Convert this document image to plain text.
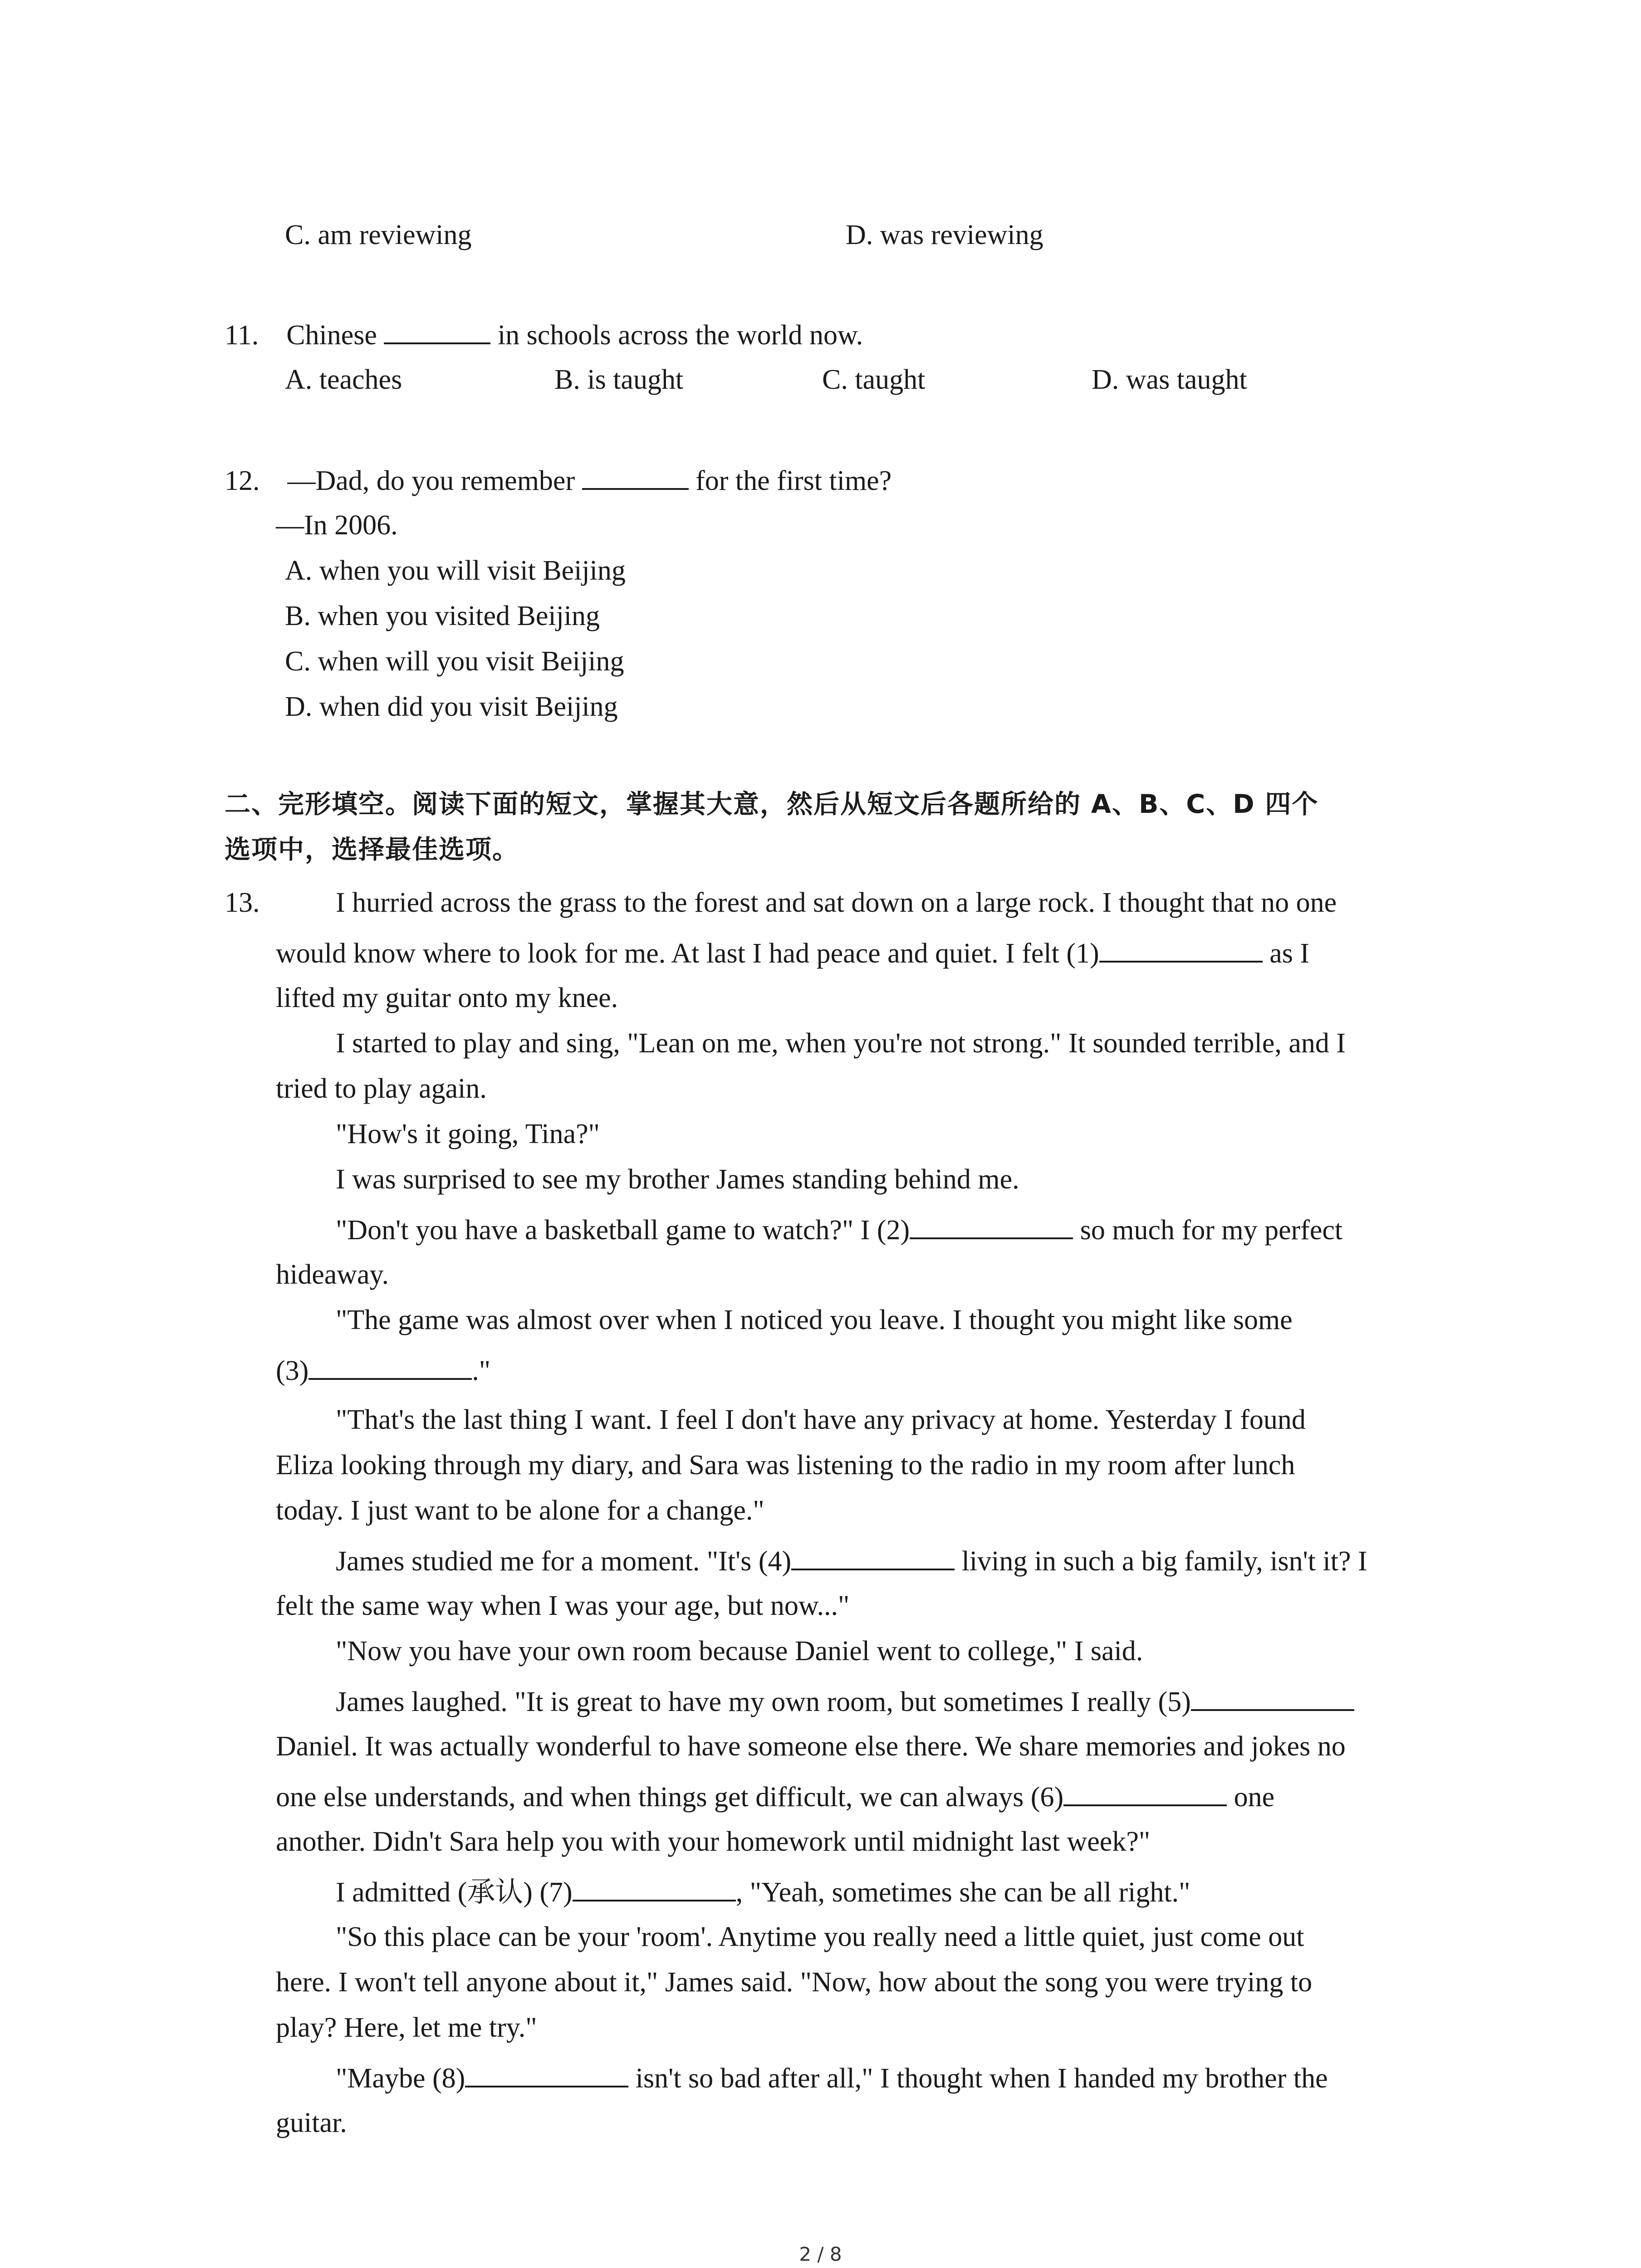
C. am reviewing	D. was reviewing
11. Chinese	in schools across the world now.
A. teaches	B. is taught	C. taught	D. was taught
12. —Dad, do you remember	for the first time?
—In 2006.
A. when you will visit Beijing
B. when you visited Beijing
C. when will you visit Beijing
D. when did you visit Beijing
二、完形填空。阅读下面的短文，掌握其大意，然后从短文后各题所给的 A、B、C、D 四个
选项中，选择最佳选项。
13.	I hurried across the grass to the forest and sat down on a large rock. I thought that no one
would know where to look for me. At last I had peace and quiet. I felt (1)	as I
lifted my guitar onto my knee.
I started to play and sing, "Lean on me, when you're not strong." It sounded terrible, and I
tried to play again.
"How's it going, Tina?"
I was surprised to see my brother James standing behind me.
"Don't you have a basketball game to watch?" I (2)	so much for my perfect
hideaway.
"The game was almost over when I noticed you leave. I thought you might like some
(3)	."
"That's the last thing I want. I feel I don't have any privacy at home. Yesterday I found
Eliza looking through my diary, and Sara was listening to the radio in my room after lunch
today. I just want to be alone for a change."
James studied me for a moment. "It's (4)	living in such a big family, isn't it? I
felt the same way when I was your age, but now..."
"Now you have your own room because Daniel went to college," I said.
James laughed. "It is great to have my own room, but sometimes I really (5)
Daniel. It was actually wonderful to have someone else there. We share memories and jokes no
one else understands, and when things get difficult, we can always (6)	one
another. Didn't Sara help you with your homework until midnight last week?"
I admitted (承认) (7)	, "Yeah, sometimes she can be all right."
"So this place can be your 'room'. Anytime you really need a little quiet, just come out
here. I won't tell anyone about it," James said. "Now, how about the song you were trying to
play? Here, let me try."
"Maybe (8)	isn't so bad after all," I thought when I handed my brother the
guitar.
2 / 8
